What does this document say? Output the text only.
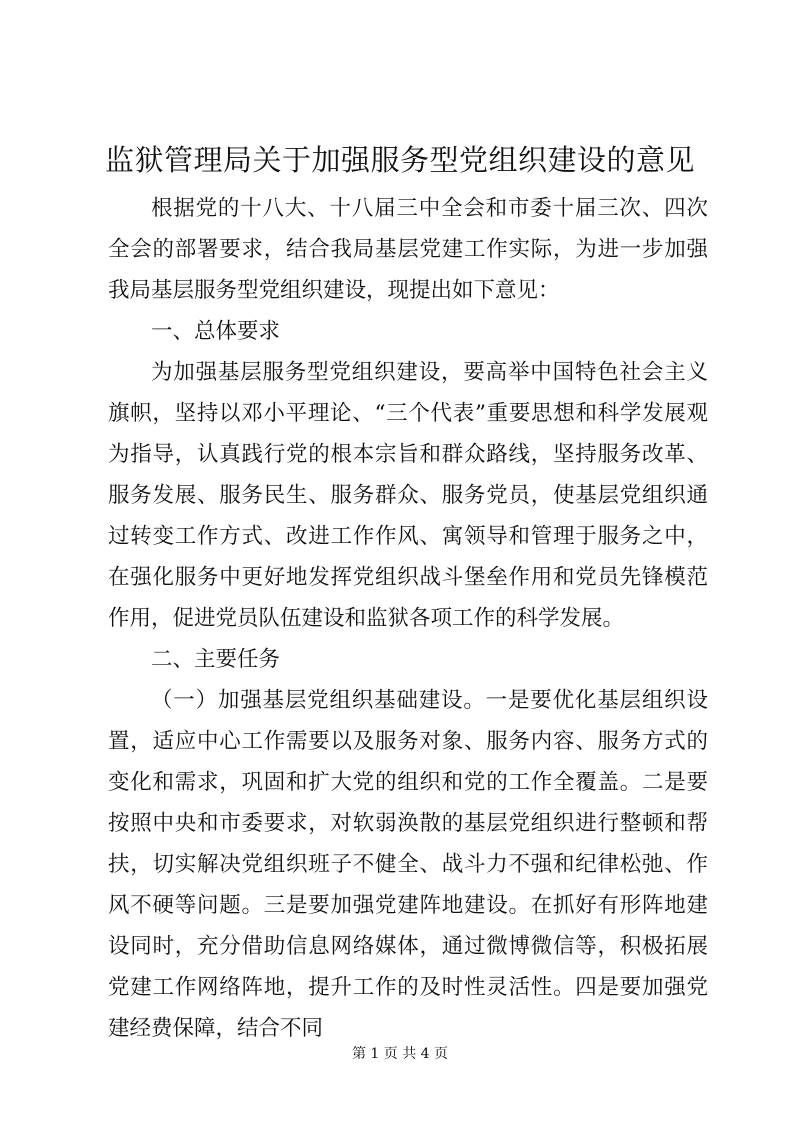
监狱管理局关于加强服务型党组织建设的意见

根据党的十八大、十八届三中全会和市委十届三次、四次全会的部署要求，结合我局基层党建工作实际，为进一步加强我局基层服务型党组织建设，现提出如下意见：

一、总体要求

为加强基层服务型党组织建设，要高举中国特色社会主义旗帜，坚持以邓小平理论、“三个代表”重要思想和科学发展观为指导，认真践行党的根本宗旨和群众路线，坚持服务改革、服务发展、服务民生、服务群众、服务党员，使基层党组织通过转变工作方式、改进工作作风、寓领导和管理于服务之中，在强化服务中更好地发挥党组织战斗堡垒作用和党员先锋模范作用，促进党员队伍建设和监狱各项工作的科学发展。

二、主要任务

（一）加强基层党组织基础建设。一是要优化基层组织设置，适应中心工作需要以及服务对象、服务内容、服务方式的变化和需求，巩固和扩大党的组织和党的工作全覆盖。二是要按照中央和市委要求，对软弱涣散的基层党组织进行整顿和帮扶，切实解决党组织班子不健全、战斗力不强和纪律松弛、作风不硬等问题。三是要加强党建阵地建设。在抓好有形阵地建设同时，充分借助信息网络媒体，通过微博微信等，积极拓展党建工作网络阵地，提升工作的及时性灵活性。四是要加强党建经费保障，结合不同

第 1 页 共 4 页
